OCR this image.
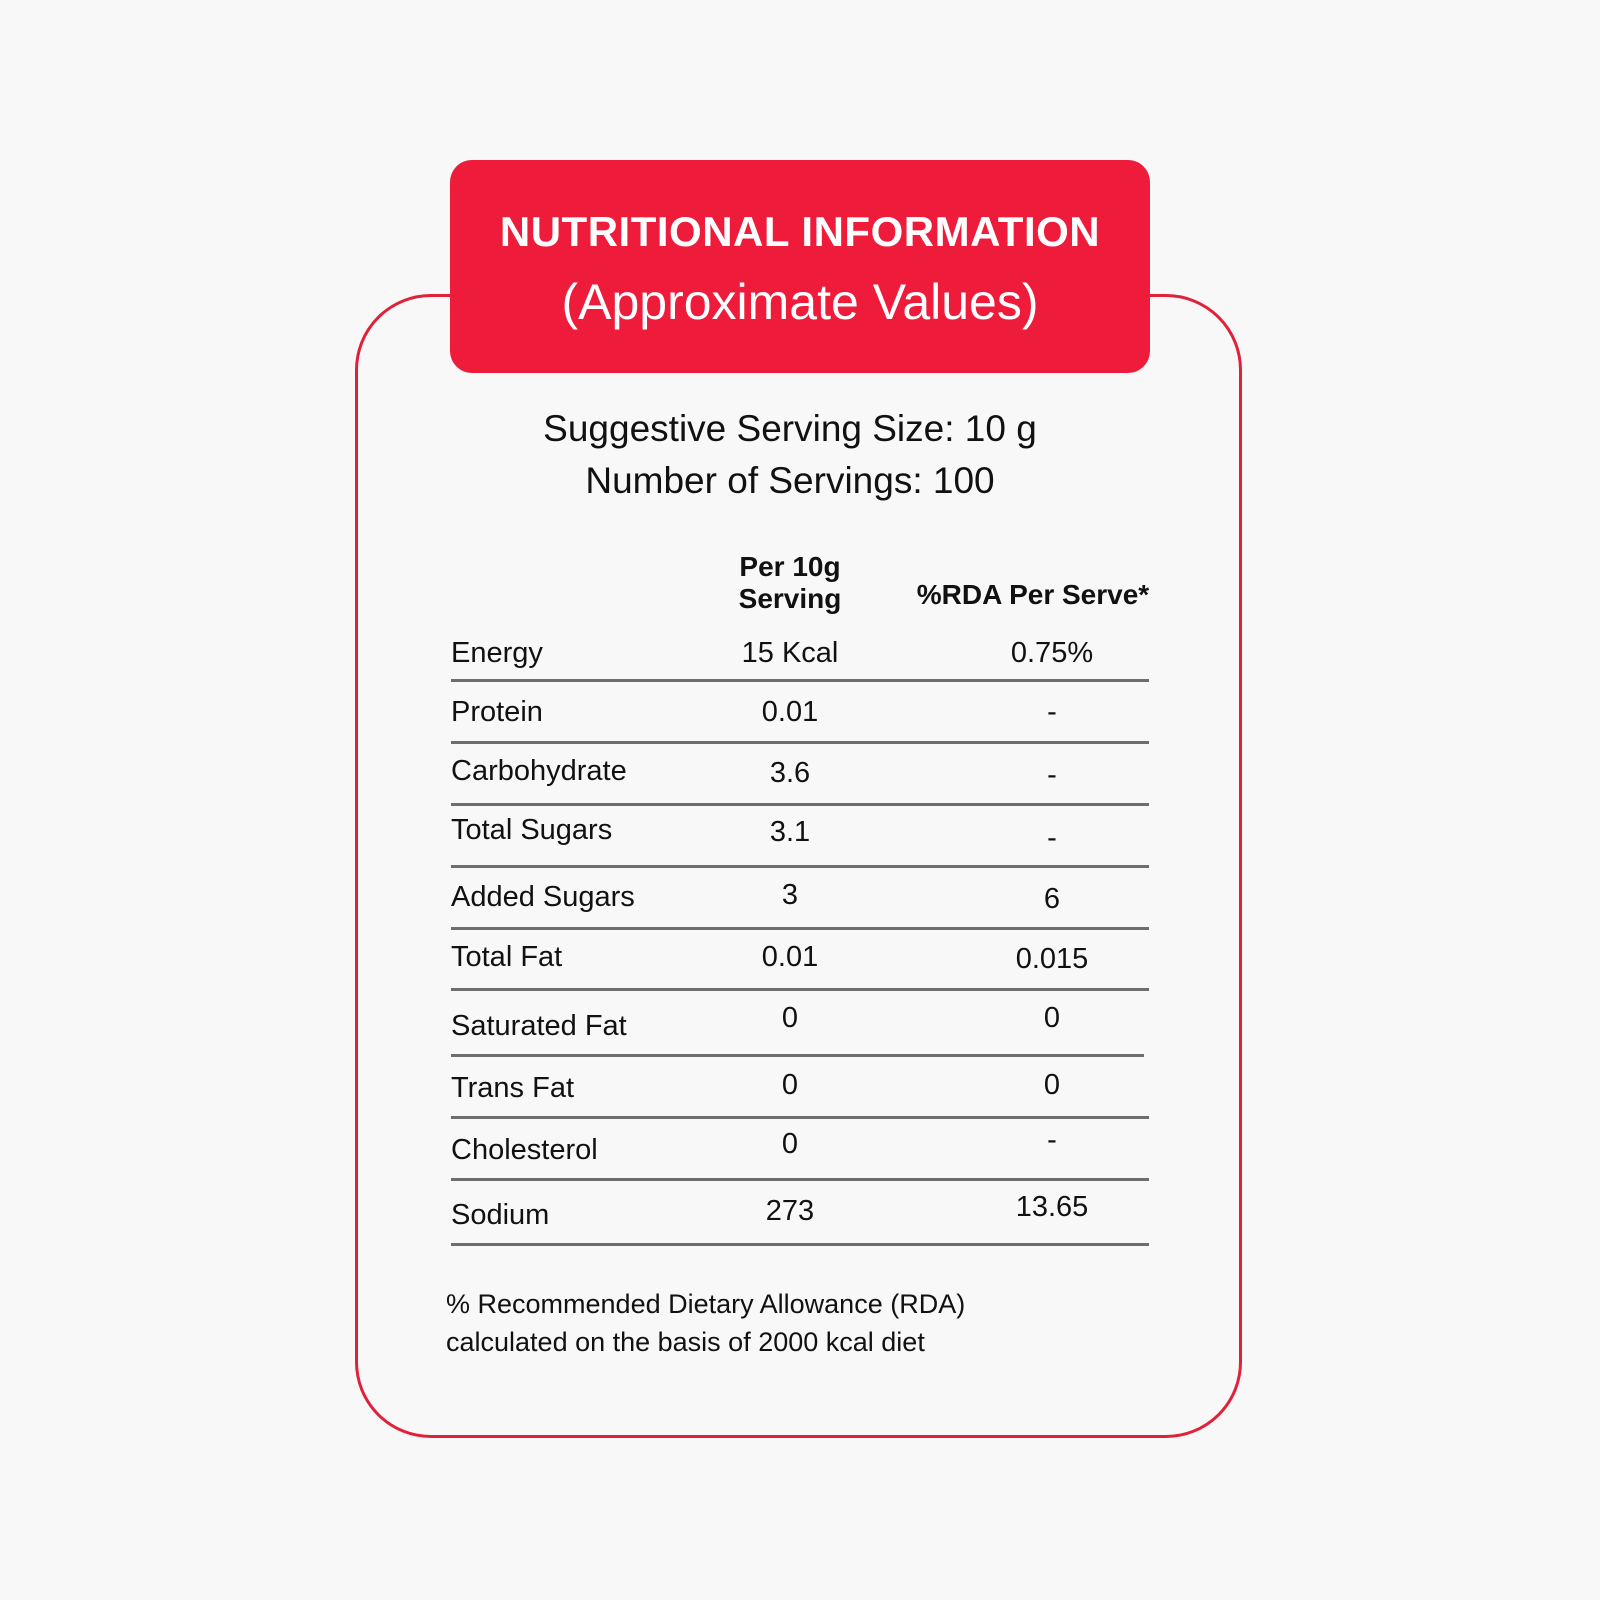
NUTRITIONAL INFORMATION
(Approximate Values)
Suggestive Serving Size: 10 g
Number of Servings: 100
Per 10g
Serving	%RDA Per Serve*
Energy	15 Kcal	0.75%
Protein	0.01	-
Carbohydrate	3.6	-
Total Sugars	3.1	-
Added Sugars	3	6
Total Fat	0.01	0.015
Saturated Fat	0	0
Trans Fat	0	0
Cholesterol	0	-
Sodium	273	13.65
% Recommended Dietary Allowance (RDA)
calculated on the basis of 2000 kcal diet
